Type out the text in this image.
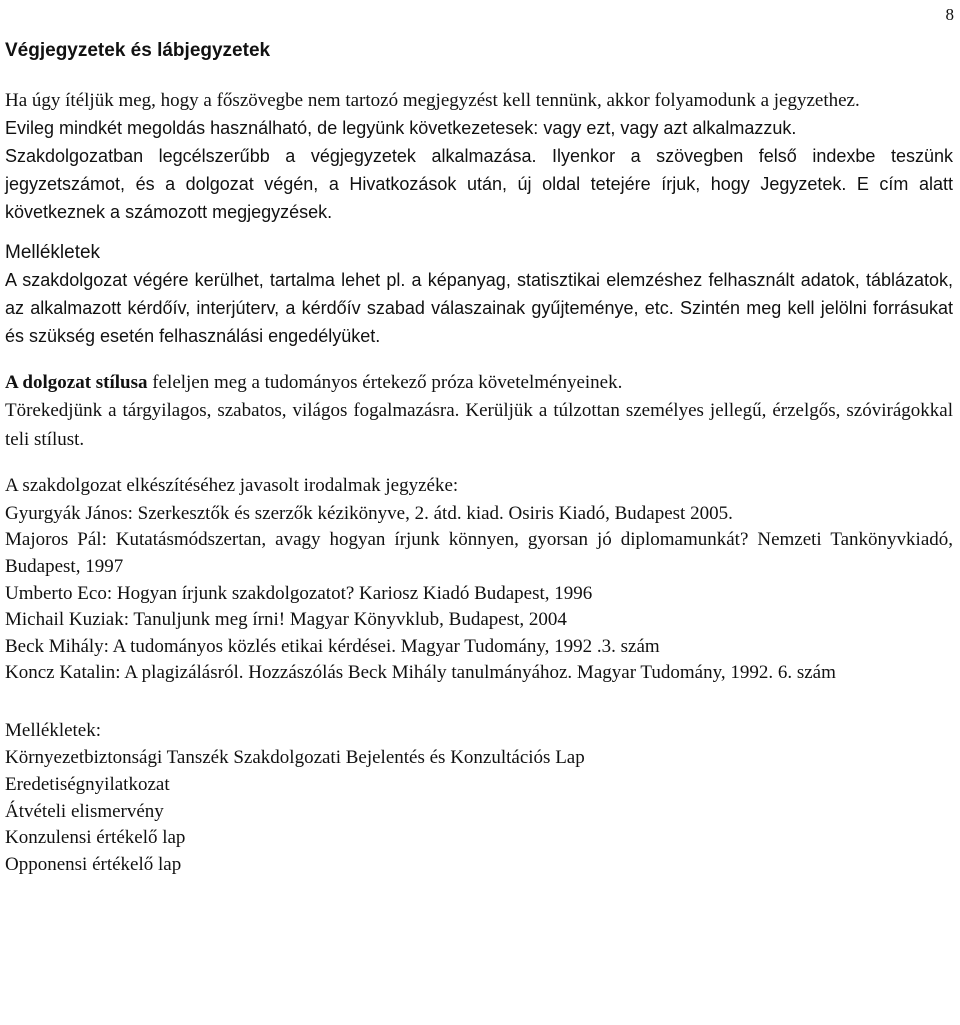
8
Végjegyzetek és lábjegyzetek

Ha úgy ítéljük meg, hogy a főszövegbe nem tartozó megjegyzést kell tennünk, akkor folyamodunk a jegyzethez.

Evileg mindkét megoldás használható, de legyünk következetesek: vagy ezt, vagy azt alkalmazzuk.

Szakdolgozatban legcélszerűbb a végjegyzetek alkalmazása. Ilyenkor a szövegben felső indexbe teszünk jegyzetszámot, és a dolgozat végén, a Hivatkozások után, új oldal tetejére írjuk, hogy Jegyzetek. E cím alatt következnek a számozott megjegyzések.

Mellékletek

A szakdolgozat végére kerülhet, tartalma lehet pl. a képanyag, statisztikai elemzéshez felhasznált adatok, táblázatok, az alkalmazott kérdőív, interjúterv, a kérdőív szabad válaszainak gyűjteménye, etc. Szintén meg kell jelölni forrásukat és szükség esetén felhasználási engedélyüket.

A dolgozat stílusa feleljen meg a tudományos értekező próza követelményeinek.

Törekedjünk a tárgyilagos, szabatos, világos fogalmazásra. Kerüljük a túlzottan személyes jellegű, érzelgős, szóvirágokkal teli stílust.

A szakdolgozat elkészítéséhez javasolt irodalmak jegyzéke:

Gyurgyák János: Szerkesztők és szerzők kézikönyve, 2. átd. kiad. Osiris Kiadó, Budapest 2005.
Majoros Pál: Kutatásmódszertan, avagy hogyan írjunk könnyen, gyorsan jó diplomamunkát? Nemzeti Tankönyvkiadó, Budapest, 1997
Umberto Eco: Hogyan írjunk szakdolgozatot? Kariosz Kiadó Budapest, 1996
Michail Kuziak: Tanuljunk meg írni! Magyar Könyvklub, Budapest, 2004
Beck Mihály: A tudományos közlés etikai kérdései. Magyar Tudomány, 1992 .3. szám
Koncz Katalin: A plagizálásról. Hozzászólás Beck Mihály tanulmányához. Magyar Tudomány, 1992. 6. szám
Mellékletek:
Környezetbiztonsági Tanszék Szakdolgozati Bejelentés és Konzultációs Lap
Eredetiségnyilatkozat
Átvételi elismervény
Konzulensi értékelő lap
Opponensi értékelő lap
